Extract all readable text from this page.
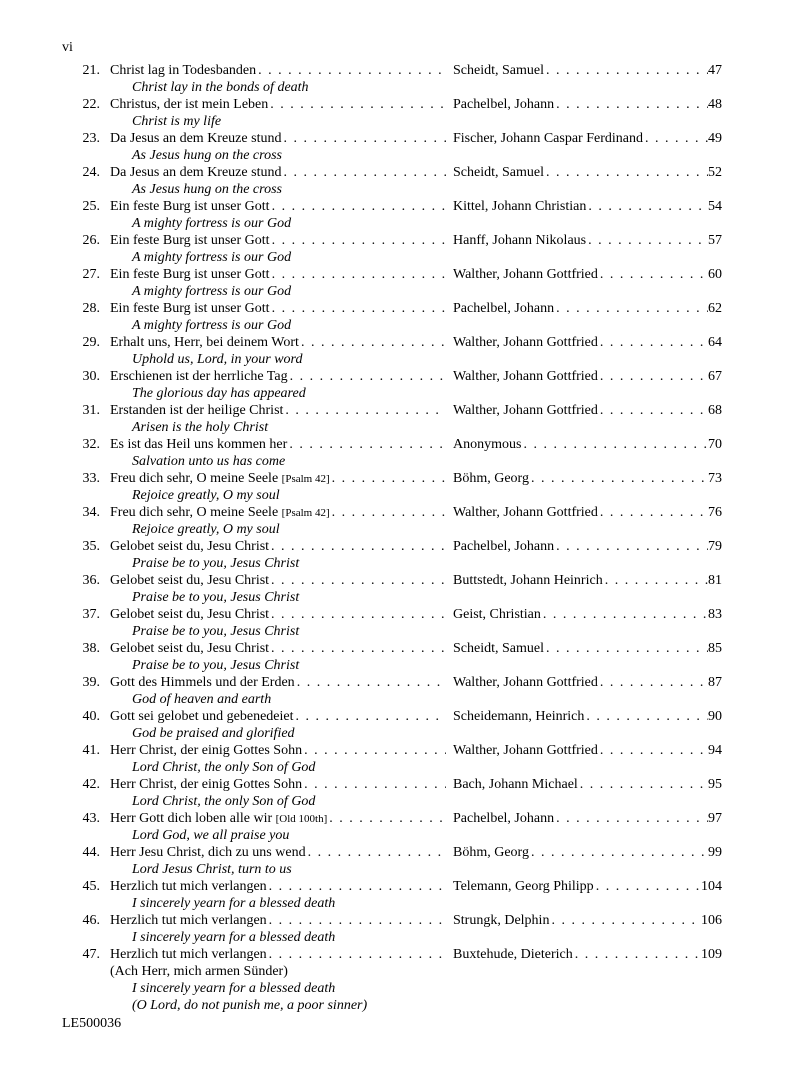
vi
21. Christ lag in Todesbanden . . .	Scheidt, Samuel . . .	47
Christ lay in the bonds of death
22. Christus, der ist mein Leben . . .	Pachelbel, Johann . . .	48
Christ is my life
23. Da Jesus an dem Kreuze stund . . .	Fischer, Johann Caspar Ferdinand . . .	49
As Jesus hung on the cross
24. Da Jesus an dem Kreuze stund . . .	Scheidt, Samuel . . .	52
As Jesus hung on the cross
25. Ein feste Burg ist unser Gott . . .	Kittel, Johann Christian . . .	54
A mighty fortress is our God
26. Ein feste Burg ist unser Gott . . .	Hanff, Johann Nikolaus . . .	57
A mighty fortress is our God
27. Ein feste Burg ist unser Gott . . .	Walther, Johann Gottfried . . .	60
A mighty fortress is our God
28. Ein feste Burg ist unser Gott . . .	Pachelbel, Johann . . .	62
A mighty fortress is our God
29. Erhalt uns, Herr, bei deinem Wort . . .	Walther, Johann Gottfried . . .	64
Uphold us, Lord, in your word
30. Erschienen ist der herrliche Tag . . .	Walther, Johann Gottfried . . .	67
The glorious day has appeared
31. Erstanden ist der heilige Christ . . .	Walther, Johann Gottfried . . .	68
Arisen is the holy Christ
32. Es ist das Heil uns kommen her . . .	Anonymous . . .	70
Salvation unto us has come
33. Freu dich sehr, O meine Seele [Psalm 42] . . .	Böhm, Georg . . .	73
Rejoice greatly, O my soul
34. Freu dich sehr, O meine Seele [Psalm 42] . . .	Walther, Johann Gottfried . . .	76
Rejoice greatly, O my soul
35. Gelobet seist du, Jesu Christ . . .	Pachelbel, Johann . . .	79
Praise be to you, Jesus Christ
36. Gelobet seist du, Jesu Christ . . .	Buttstedt, Johann Heinrich . . .	81
Praise be to you, Jesus Christ
37. Gelobet seist du, Jesu Christ . . .	Geist, Christian . . .	83
Praise be to you, Jesus Christ
38. Gelobet seist du, Jesu Christ . . .	Scheidt, Samuel . . .	85
Praise be to you, Jesus Christ
39. Gott des Himmels und der Erden . . .	Walther, Johann Gottfried . . .	87
God of heaven and earth
40. Gott sei gelobet und gebenedeiet . . .	Scheidemann, Heinrich . . .	90
God be praised and glorified
41. Herr Christ, der einig Gottes Sohn . . .	Walther, Johann Gottfried . . .	94
Lord Christ, the only Son of God
42. Herr Christ, der einig Gottes Sohn . . .	Bach, Johann Michael . . .	95
Lord Christ, the only Son of God
43. Herr Gott dich loben alle wir [Old 100th] . . .	Pachelbel, Johann . . .	97
Lord God, we all praise you
44. Herr Jesu Christ, dich zu uns wend . . .	Böhm, Georg . . .	99
Lord Jesus Christ, turn to us
45. Herzlich tut mich verlangen . . .	Telemann, Georg Philipp . . .	104
I sincerely yearn for a blessed death
46. Herzlich tut mich verlangen . . .	Strungk, Delphin . . .	106
I sincerely yearn for a blessed death
47. Herzlich tut mich verlangen . . .	Buxtehude, Dieterich . . .	109
(Ach Herr, mich armen Sünder)
I sincerely yearn for a blessed death
(O Lord, do not punish me, a poor sinner)
LE500036
